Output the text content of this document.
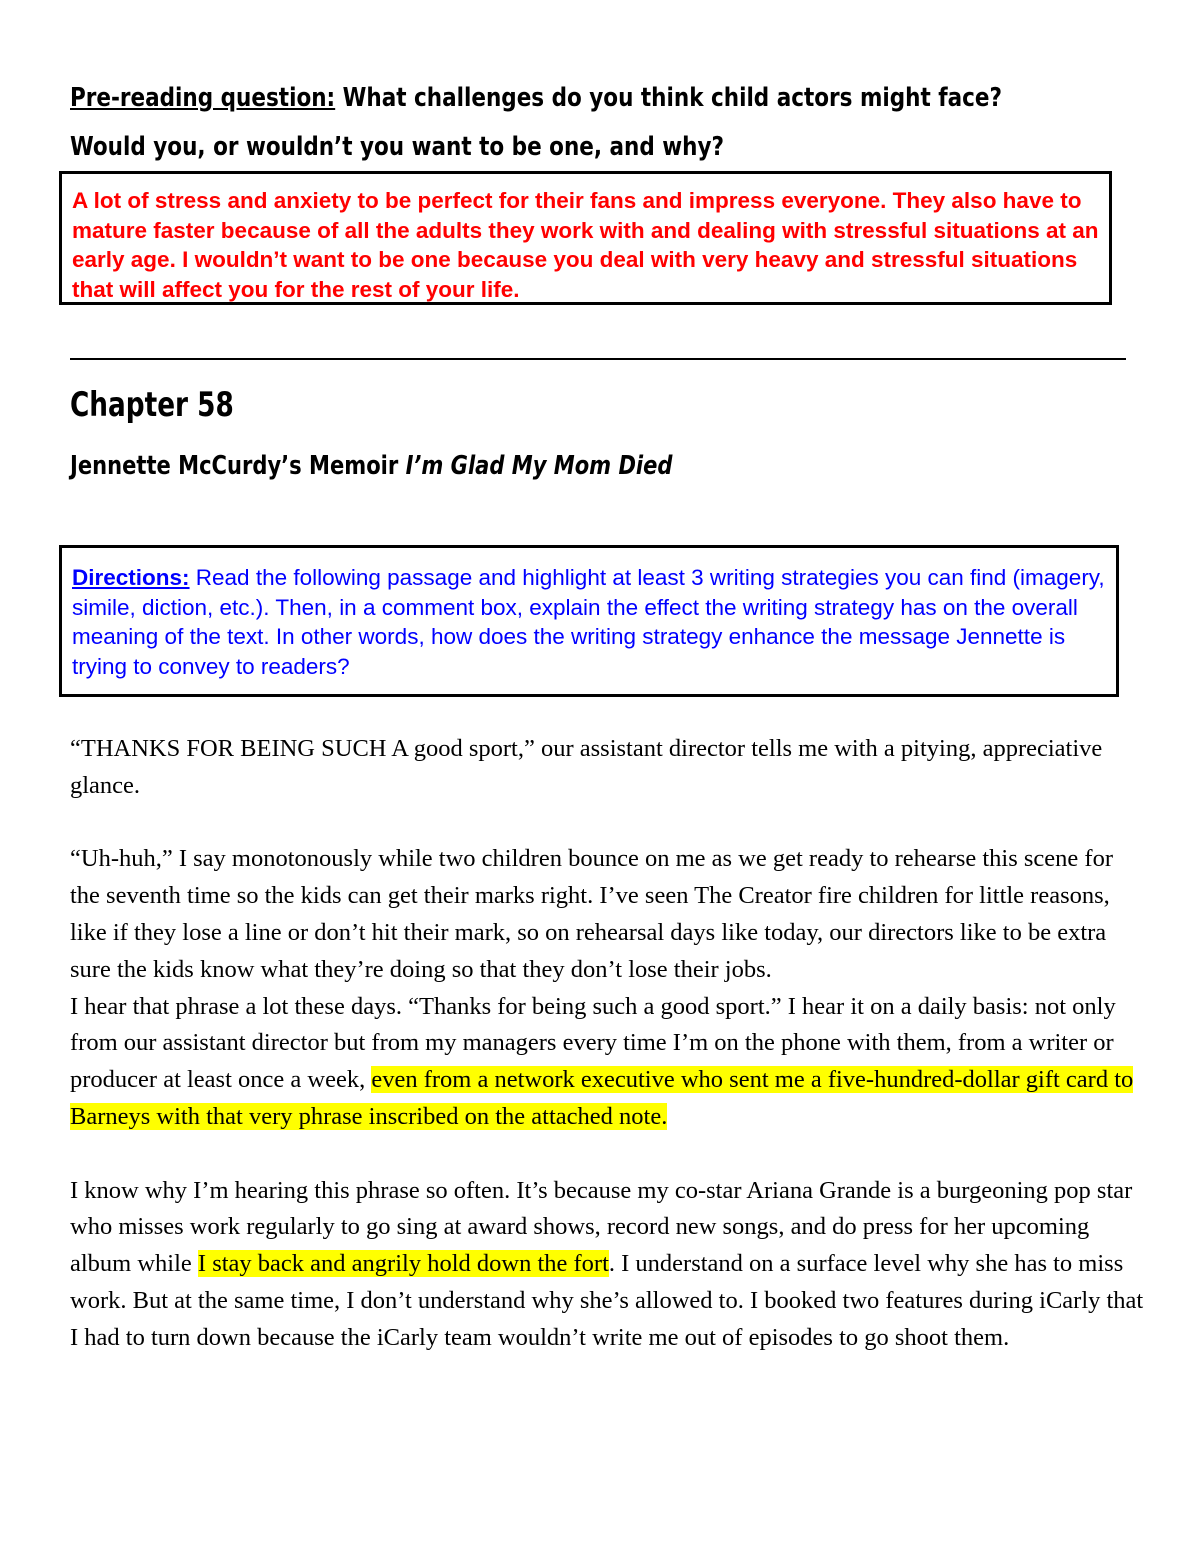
Pre-reading question: What challenges do you think child actors might face? Would you, or wouldn’t you want to be one, and why?
A lot of stress and anxiety to be perfect for their fans and impress everyone. They also have to mature faster because of all the adults they work with and dealing with stressful situations at an early age. I wouldn’t want to be one because you deal with very heavy and stressful situations that will affect you for the rest of your life.
Chapter 58
Jennette McCurdy’s Memoir I’m Glad My Mom Died
Directions: Read the following passage and highlight at least 3 writing strategies you can find (imagery, simile, diction, etc.). Then, in a comment box, explain the effect the writing strategy has on the overall meaning of the text. In other words, how does the writing strategy enhance the message Jennette is trying to convey to readers?

“THANKS FOR BEING SUCH A good sport,” our assistant director tells me with a pitying, appreciative glance.

“Uh-huh,” I say monotonously while two children bounce on me as we get ready to rehearse this scene for the seventh time so the kids can get their marks right. I’ve seen The Creator fire children for little reasons, like if they lose a line or don’t hit their mark, so on rehearsal days like today, our directors like to be extra sure the kids know what they’re doing so that they don’t lose their jobs.

I hear that phrase a lot these days. “Thanks for being such a good sport.” I hear it on a daily basis: not only from our assistant director but from my managers every time I’m on the phone with them, from a writer or producer at least once a week, even from a network executive who sent me a five-hundred-dollar gift card to Barneys with that very phrase inscribed on the attached note.

I know why I’m hearing this phrase so often. It’s because my co-star Ariana Grande is a burgeoning pop star who misses work regularly to go sing at award shows, record new songs, and do press for her upcoming album while I stay back and angrily hold down the fort. I understand on a surface level why she has to miss work. But at the same time, I don’t understand why she’s allowed to. I booked two features during iCarly that I had to turn down because the iCarly team wouldn’t write me out of episodes to go shoot them.
